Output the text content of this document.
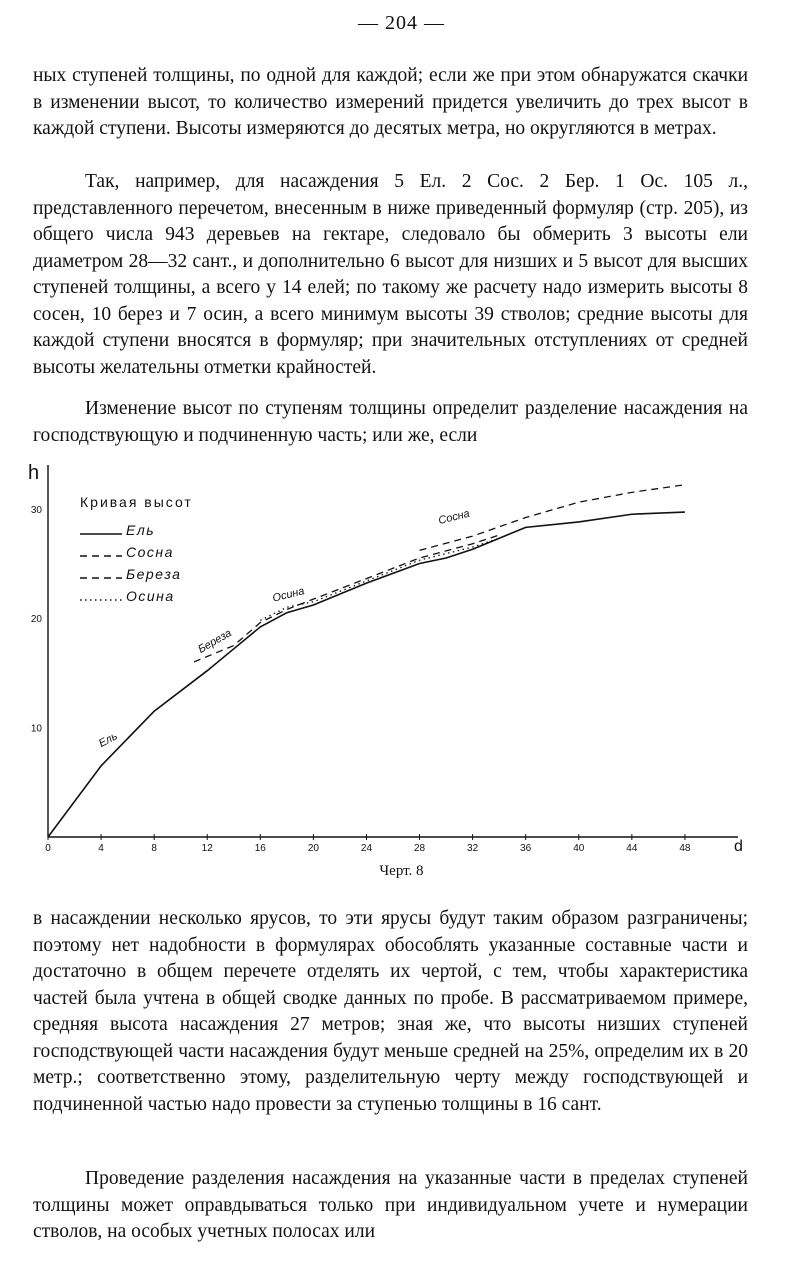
— 204 —

ных ступеней толщины, по одной для каждой; если же при этом обнаружатся скачки в изменении высот, то количество измерений придется увеличить до трех высот в каждой ступени. Высоты измеряются до десятых метра, но округляются в метрах.

Так, например, для насаждения 5 Ел. 2 Сос. 2 Бер. 1 Ос. 105 л., представленного перечетом, внесенным в ниже приведенный формуляр (стр. 205), из общего числа 943 деревьев на гектаре, следовало бы обмерить 3 высоты ели диаметром 28—32 сант., и дополнительно 6 высот для низших и 5 высот для высших ступеней толщины, а всего у 14 елей; по такому же расчету надо измерить высоты 8 сосен, 10 берез и 7 осин, а всего минимум высоты 39 стволов; средние высоты для каждой ступени вносятся в формуляр; при значительных отступлениях от средней высоты желательны отметки крайностей.

Изменение высот по ступеням толщины определит разделение насаждения на господствующую и подчиненную часть; или же, если

h
d
0	4	8	12	16	20	24	28	32	36	40	44	48
10
20
30
Ель
Сосна
Береза
Осина
Кривая высот
Ель
Сосна
Береза
Осина
Черт. 8

в насаждении несколько ярусов, то эти ярусы будут таким образом разграничены; поэтому нет надобности в формулярах обособлять указанные составные части и достаточно в общем перечете отделять их чертой, с тем, чтобы характеристика частей была учтена в общей сводке данных по пробе. В рассматриваемом примере, средняя высота насаждения 27 метров; зная же, что высоты низших ступеней господствующей части насаждения будут меньше средней на 25%, определим их в 20 метр.; соответственно этому, разделительную черту между господствующей и подчиненной частью надо провести за ступенью толщины в 16 сант.

Проведение разделения насаждения на указанные части в пределах ступеней толщины может оправдываться только при индивидуальном учете и нумерации стволов, на особых учетных полосах или
